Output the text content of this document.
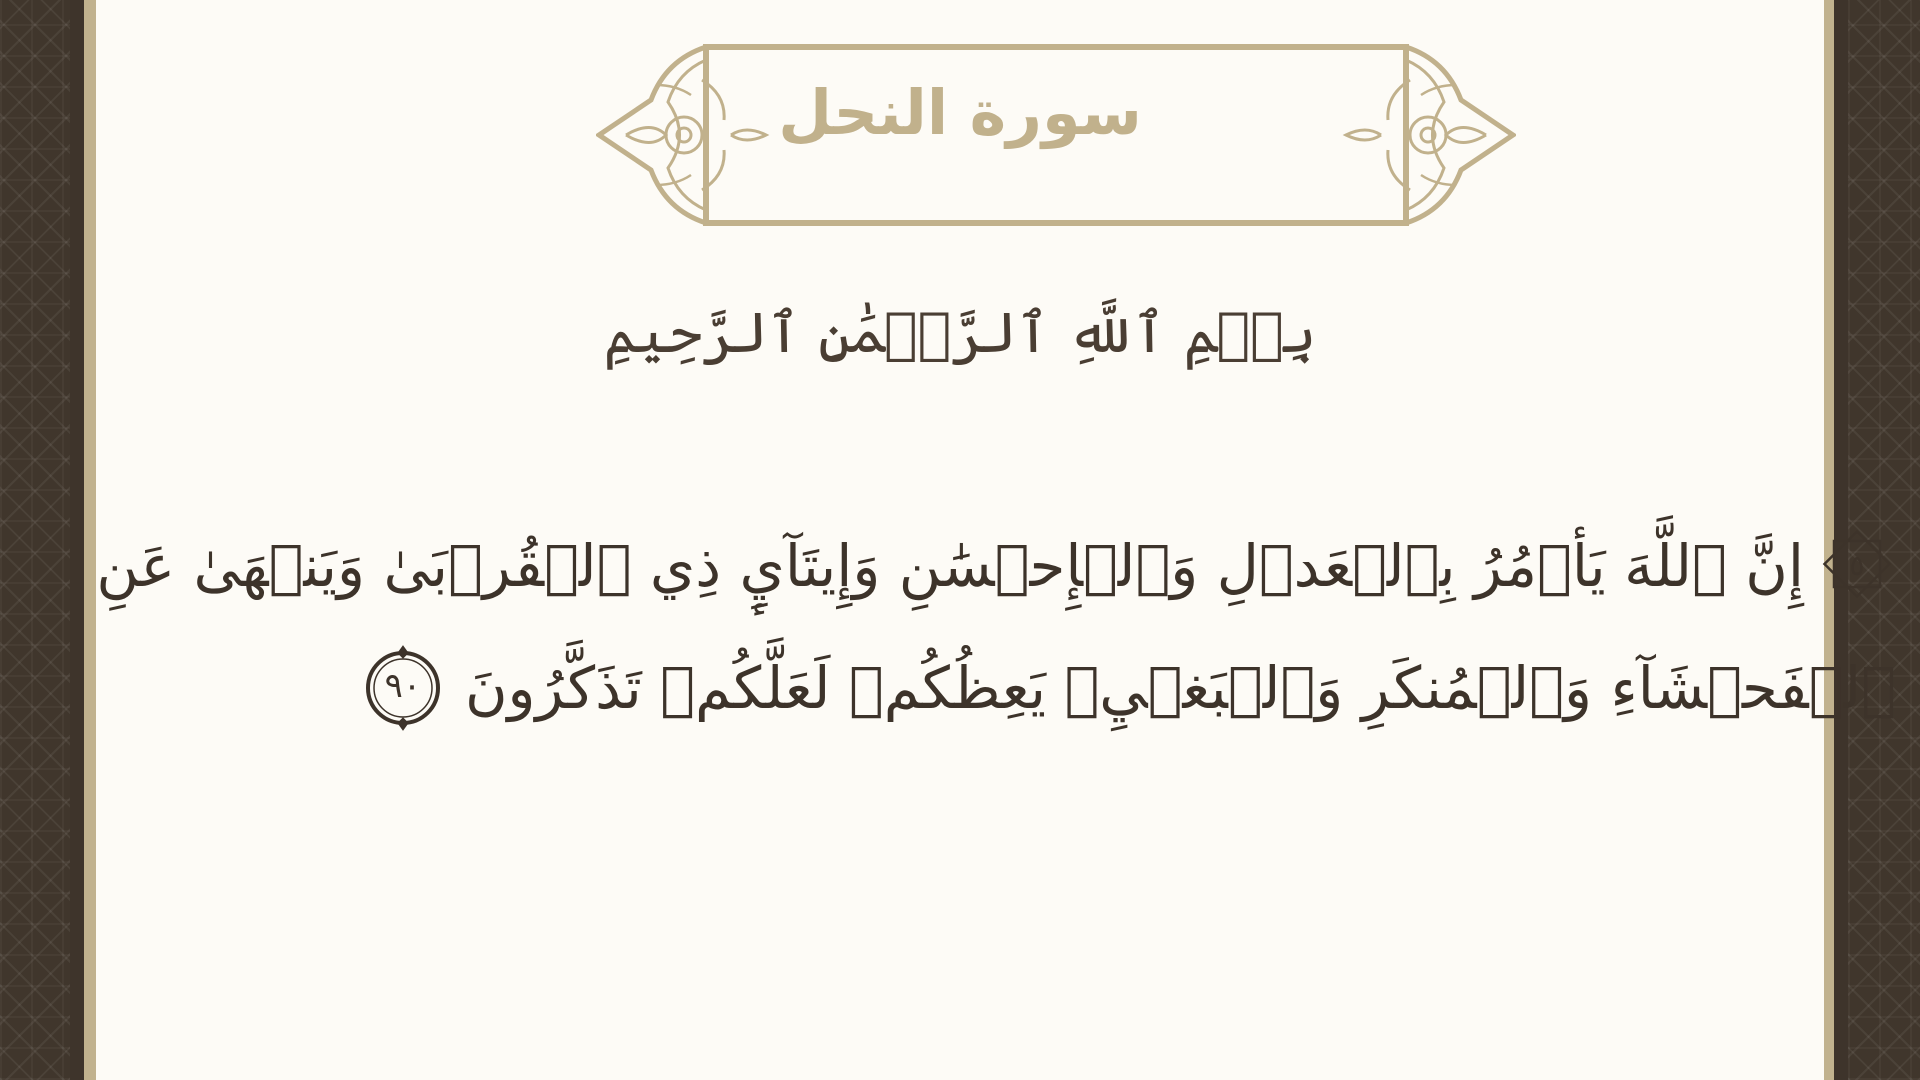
سورة النحل
بِسۡمِ ٱللَّهِ ٱلرَّحۡمَٰنِ ٱلرَّحِيمِ
٥
إِنَّ ٱللَّهَ يَأۡمُرُ بِٱلۡعَدۡلِ وَٱلۡإِحۡسَٰنِ وَإِيتَآيِٕ ذِي ٱلۡقُرۡبَىٰ وَيَنۡهَىٰ عَنِ
ٱلۡفَحۡشَآءِ وَٱلۡمُنكَرِ وَٱلۡبَغۡيِۚ يَعِظُكُمۡ لَعَلَّكُمۡ تَذَكَّرُونَ
٩٠
